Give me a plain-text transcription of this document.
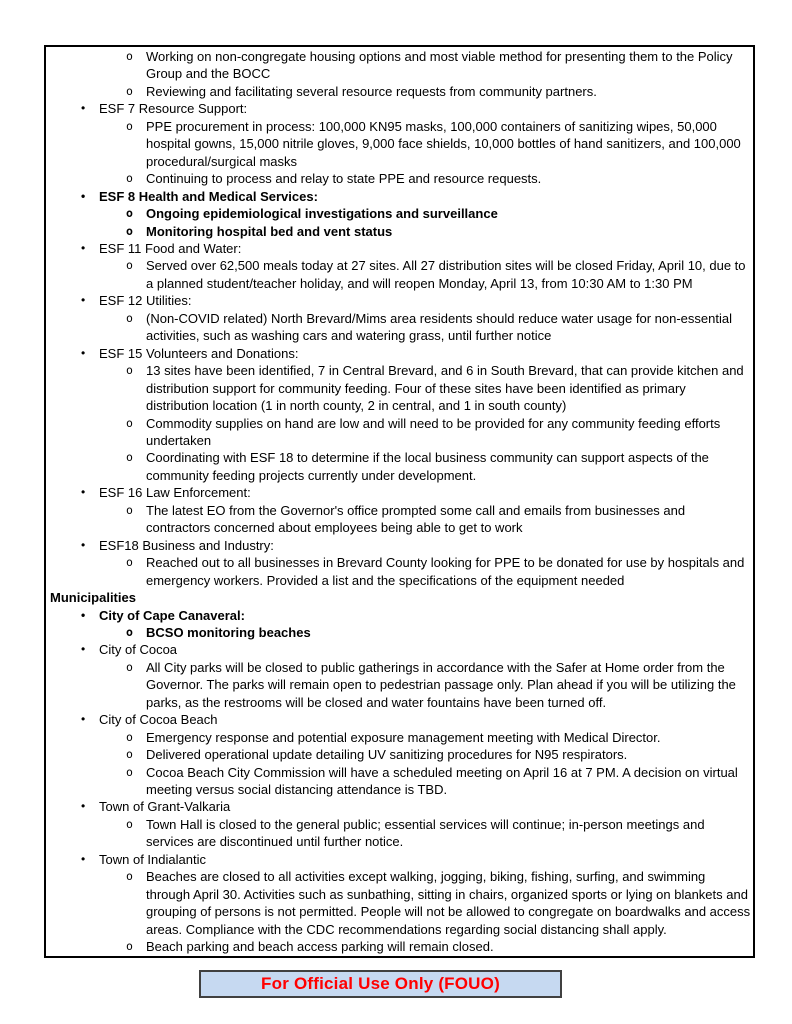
o	Working on non-congregate housing options and most viable method for presenting them to the Policy Group and the BOCC
o	Reviewing and facilitating several resource requests from community partners.
•	ESF 7 Resource Support:
o	PPE procurement in process: 100,000 KN95 masks, 100,000 containers of sanitizing wipes, 50,000 hospital gowns, 15,000 nitrile gloves, 9,000 face shields, 10,000 bottles of hand sanitizers, and 100,000 procedural/surgical masks
o	Continuing to process and relay to state PPE and resource requests.
•	ESF 8 Health and Medical Services:
o	Ongoing epidemiological investigations and surveillance
o	Monitoring hospital bed and vent status
•	ESF 11 Food and Water:
o	Served over 62,500 meals today at 27 sites. All 27 distribution sites will be closed Friday, April 10, due to a planned student/teacher holiday, and will reopen Monday, April 13, from 10:30 AM to 1:30 PM
•	ESF 12 Utilities:
o	(Non-COVID related) North Brevard/Mims area residents should reduce water usage for non-essential activities, such as washing cars and watering grass, until further notice
•	ESF 15 Volunteers and Donations:
o	13 sites have been identified, 7 in Central Brevard, and 6 in South Brevard, that can provide kitchen and distribution support for community feeding. Four of these sites have been identified as primary distribution location (1 in north county, 2 in central, and 1 in south county)
o	Commodity supplies on hand are low and will need to be provided for any community feeding efforts undertaken
o	Coordinating with ESF 18 to determine if the local business community can support aspects of the community feeding projects currently under development.
•	ESF 16 Law Enforcement:
o	The latest EO from the Governor's office prompted some call and emails from businesses and contractors concerned about employees being able to get to work
•	ESF18 Business and Industry:
o	Reached out to all businesses in Brevard County looking for PPE to be donated for use by hospitals and emergency workers. Provided a list and the specifications of the equipment needed
Municipalities
•	City of Cape Canaveral:
o	BCSO monitoring beaches
•	City of Cocoa
o	All City parks will be closed to public gatherings in accordance with the Safer at Home order from the Governor. The parks will remain open to pedestrian passage only. Plan ahead if you will be utilizing the parks, as the restrooms will be closed and water fountains have been turned off.
•	City of Cocoa Beach
o	Emergency response and potential exposure management meeting with Medical Director.
o	Delivered operational update detailing UV sanitizing procedures for N95 respirators.
o	Cocoa Beach City Commission will have a scheduled meeting on April 16 at 7 PM. A decision on virtual meeting versus social distancing attendance is TBD.
•	Town of Grant-Valkaria
o	Town Hall is closed to the general public; essential services will continue; in-person meetings and services are discontinued until further notice.
•	Town of Indialantic
o	Beaches are closed to all activities except walking, jogging, biking, fishing, surfing, and swimming through April 30. Activities such as sunbathing, sitting in chairs, organized sports or lying on blankets and grouping of persons is not permitted. People will not be allowed to congregate on boardwalks and access areas. Compliance with the CDC recommendations regarding social distancing shall apply.
o	Beach parking and beach access parking will remain closed.
For Official Use Only (FOUO)
